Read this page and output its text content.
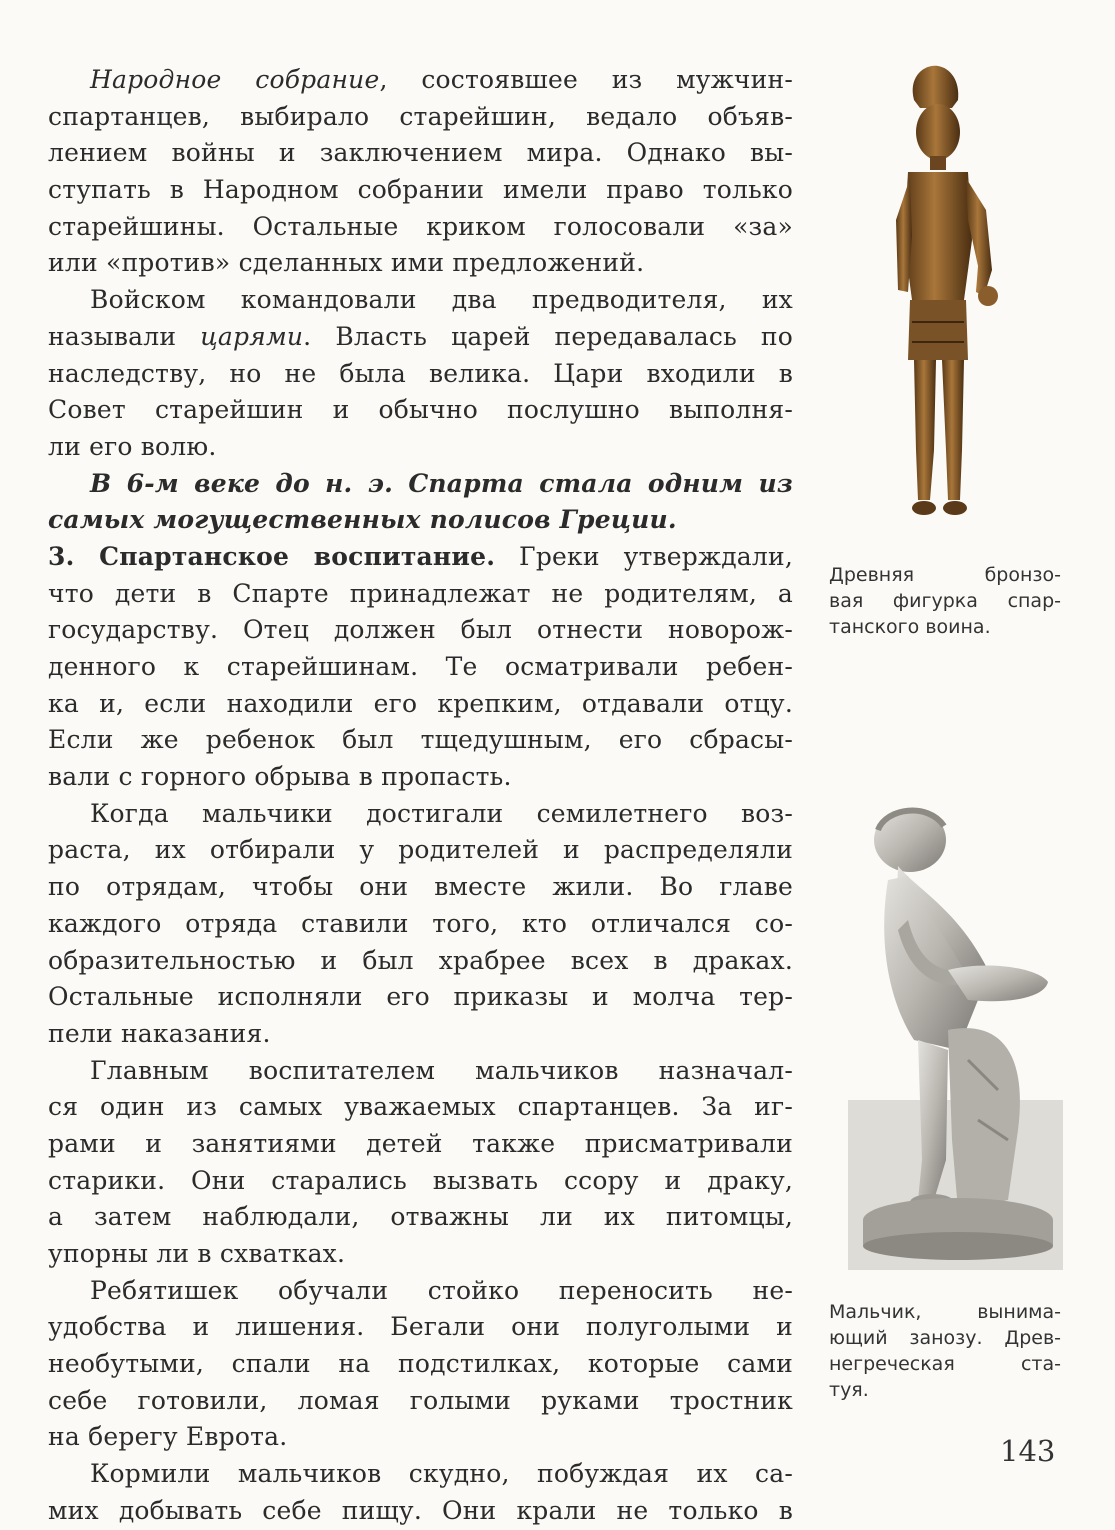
Народное собрание, состоявшее из мужчин-
спартанцев, выбирало старейшин, ведало объяв-
лением войны и заключением мира. Однако вы-
ступать в Народном собрании имели право только
старейшины. Остальные криком голосовали «за»
или «против» сделанных ими предложений.
Войском командовали два предводителя, их
называли царями. Власть царей передавалась по
наследству, но не была велика. Цари входили в
Совет старейшин и обычно послушно выполня-
ли его волю.
В 6-м веке до н. э. Спарта стала одним из
самых могущественных полисов Греции.
3. Спартанское воспитание. Греки утверждали,
что дети в Спарте принадлежат не родителям, а
государству. Отец должен был отнести новорож-
денного к старейшинам. Те осматривали ребен-
ка и, если находили его крепким, отдавали отцу.
Если же ребенок был тщедушным, его сбрасы-
вали с горного обрыва в пропасть.
Когда мальчики достигали семилетнего воз-
раста, их отбирали у родителей и распределяли
по отрядам, чтобы они вместе жили. Во главе
каждого отряда ставили того, кто отличался со-
образительностью и был храбрее всех в драках.
Остальные исполняли его приказы и молча тер-
пели наказания.
Главным воспитателем мальчиков назначал-
ся один из самых уважаемых спартанцев. За иг-
рами и занятиями детей также присматривали
старики. Они старались вызвать ссору и драку,
а затем наблюдали, отважны ли их питомцы,
упорны ли в схватках.
Ребятишек обучали стойко переносить не-
удобства и лишения. Бегали они полуголыми и
необутыми, спали на подстилках, которые сами
себе готовили, ломая голыми руками тростник
на берегу Еврота.
Кормили мальчиков скудно, побуждая их са-
мих добывать себе пищу. Они крали не только в
Древняя бронзо-
вая фигурка спар-
танского воина.
Мальчик, вынима-
ющий занозу. Древ-
негреческая ста-
туя.
143
